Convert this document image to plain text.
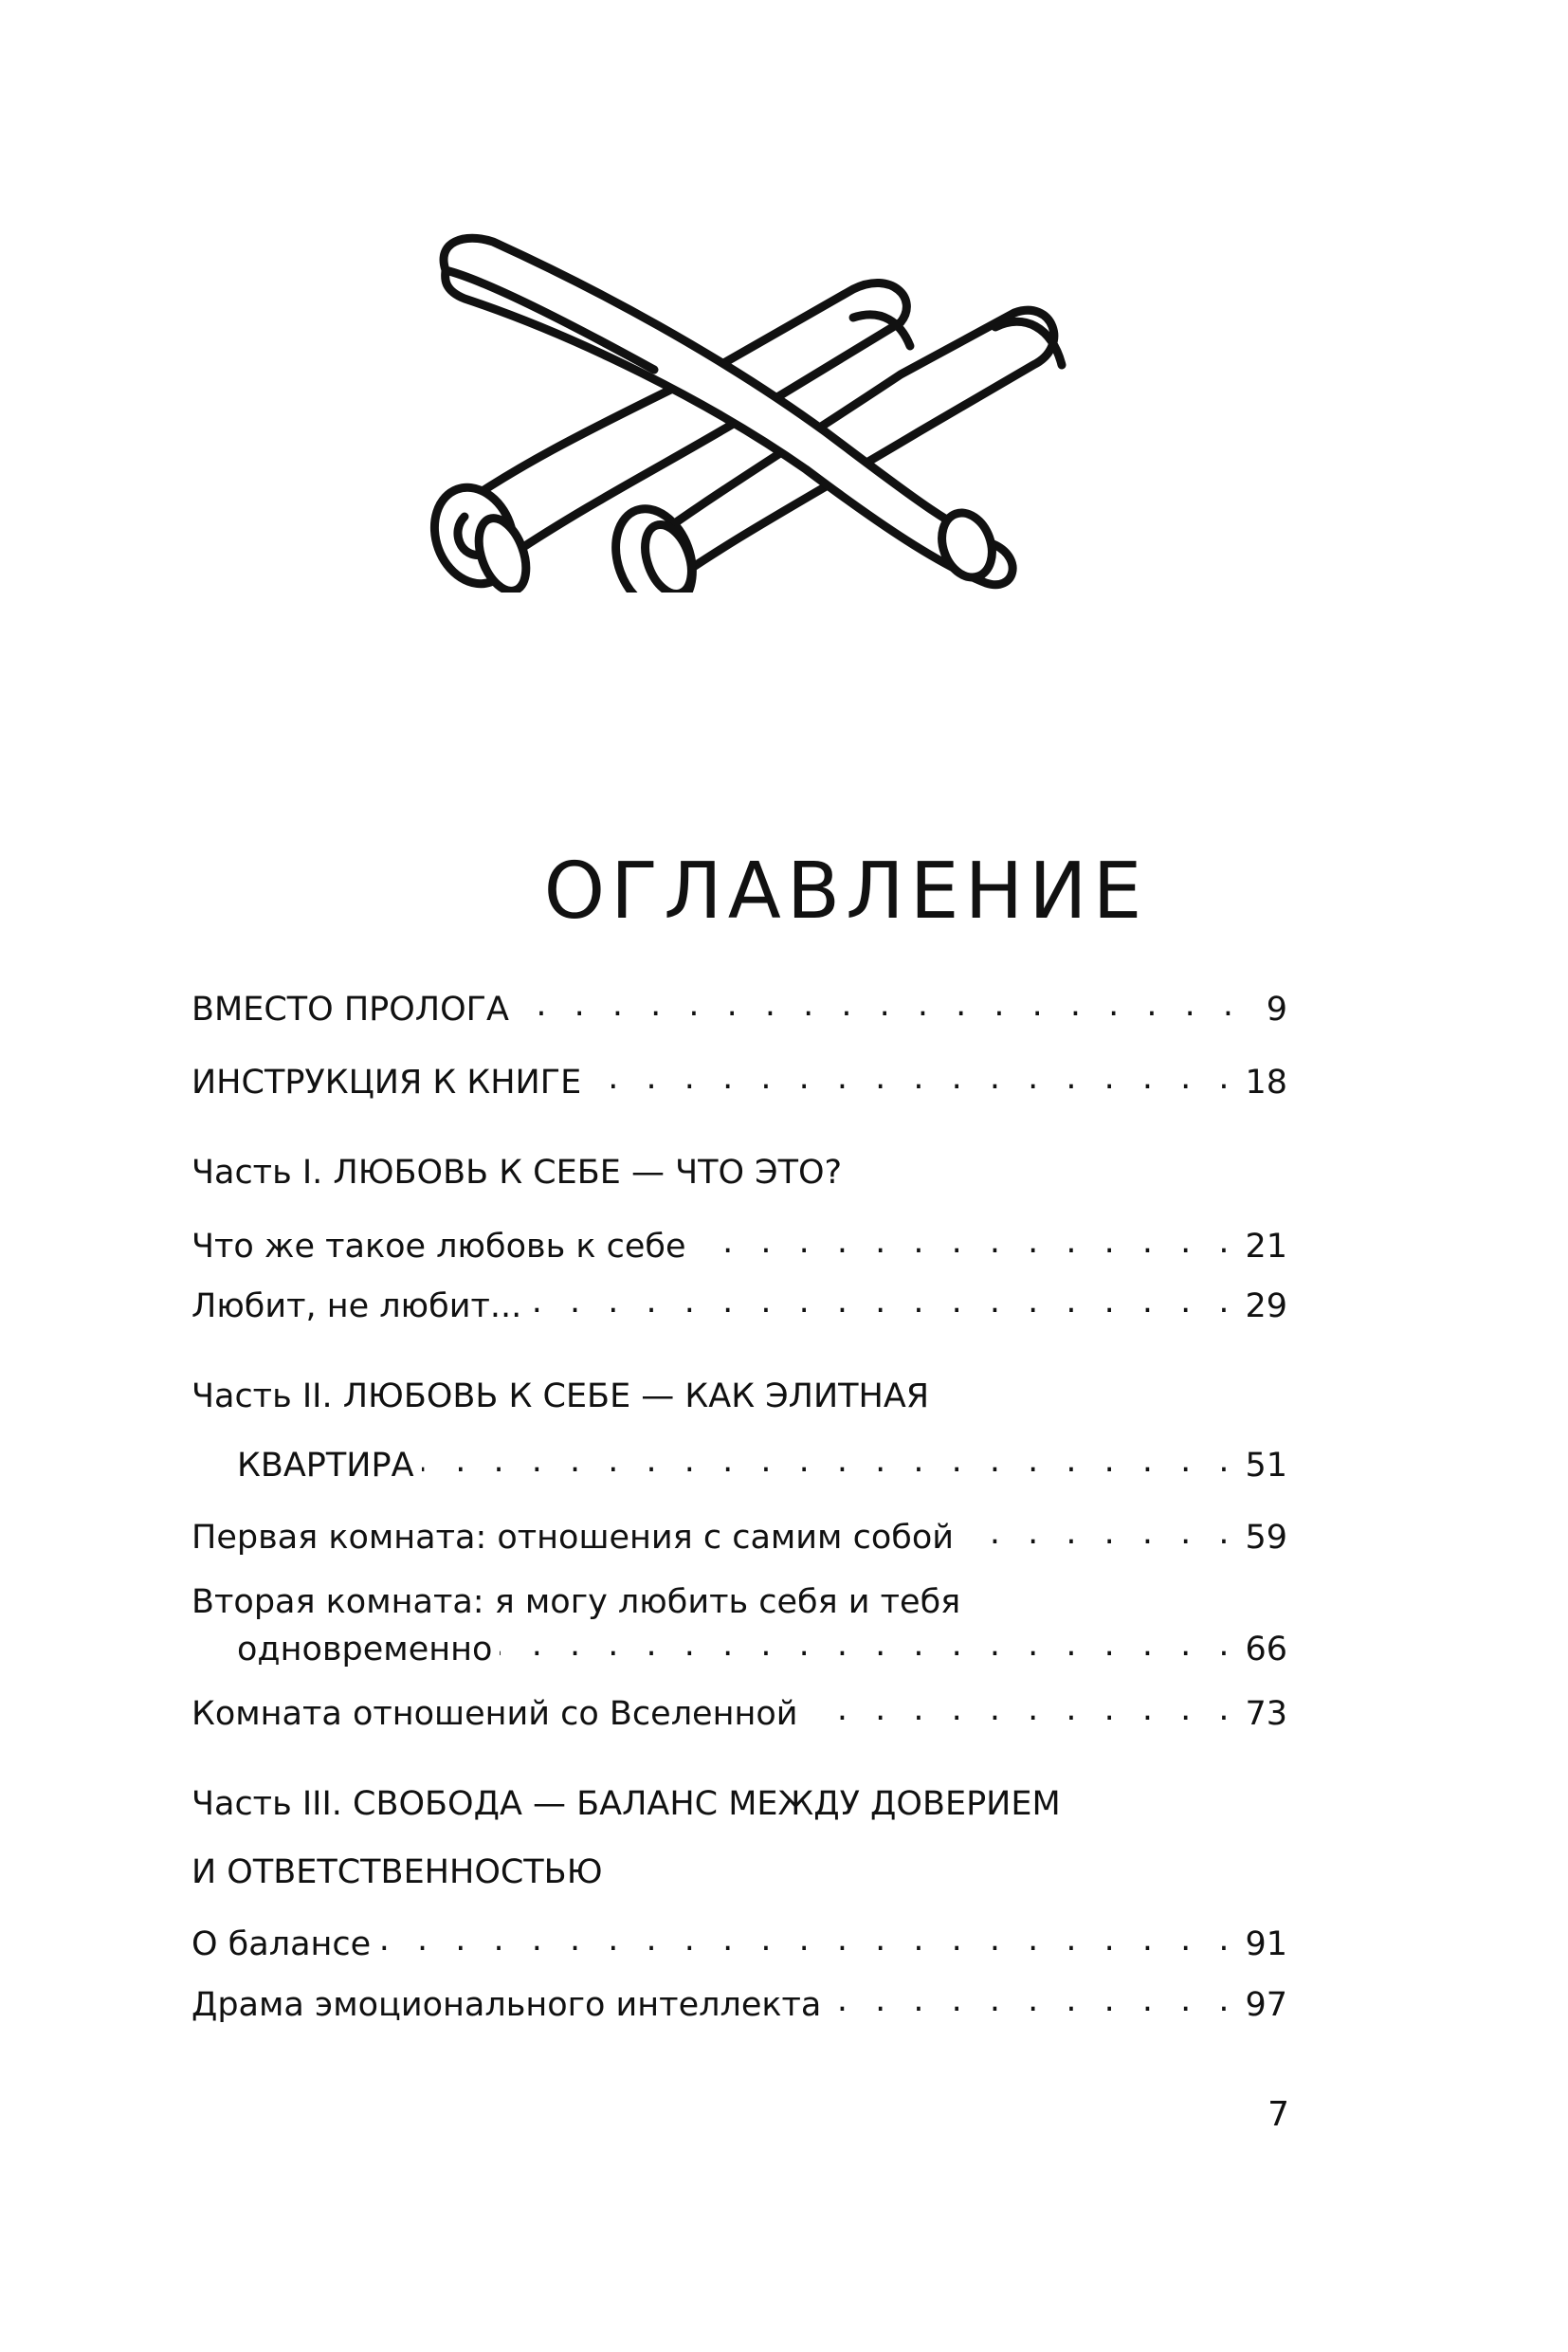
ОГЛАВЛЕНИЕ
ВМЕСТО ПРОЛОГА . . .	9
ИНСТРУКЦИЯ К КНИГЕ . . .	18
Часть I. ЛЮБОВЬ К СЕБЕ — ЧТО ЭТО?
Что же такое любовь к себе . . .	21
Любит, не любит... . . .	29
Часть II. ЛЮБОВЬ К СЕБЕ — КАК ЭЛИТНАЯ
КВАРТИРА . . .	51
Первая комната: отношения с самим собой . . .	59
Вторая комната: я могу любить себя и тебя
одновременно . . .	66
Комната отношений со Вселенной . . .	73
Часть III. СВОБОДА — БАЛАНС МЕЖДУ ДОВЕРИЕМ
И ОТВЕТСТВЕННОСТЬЮ
О балансе . . .	91
Драма эмоционального интеллекта . . .	97
7
